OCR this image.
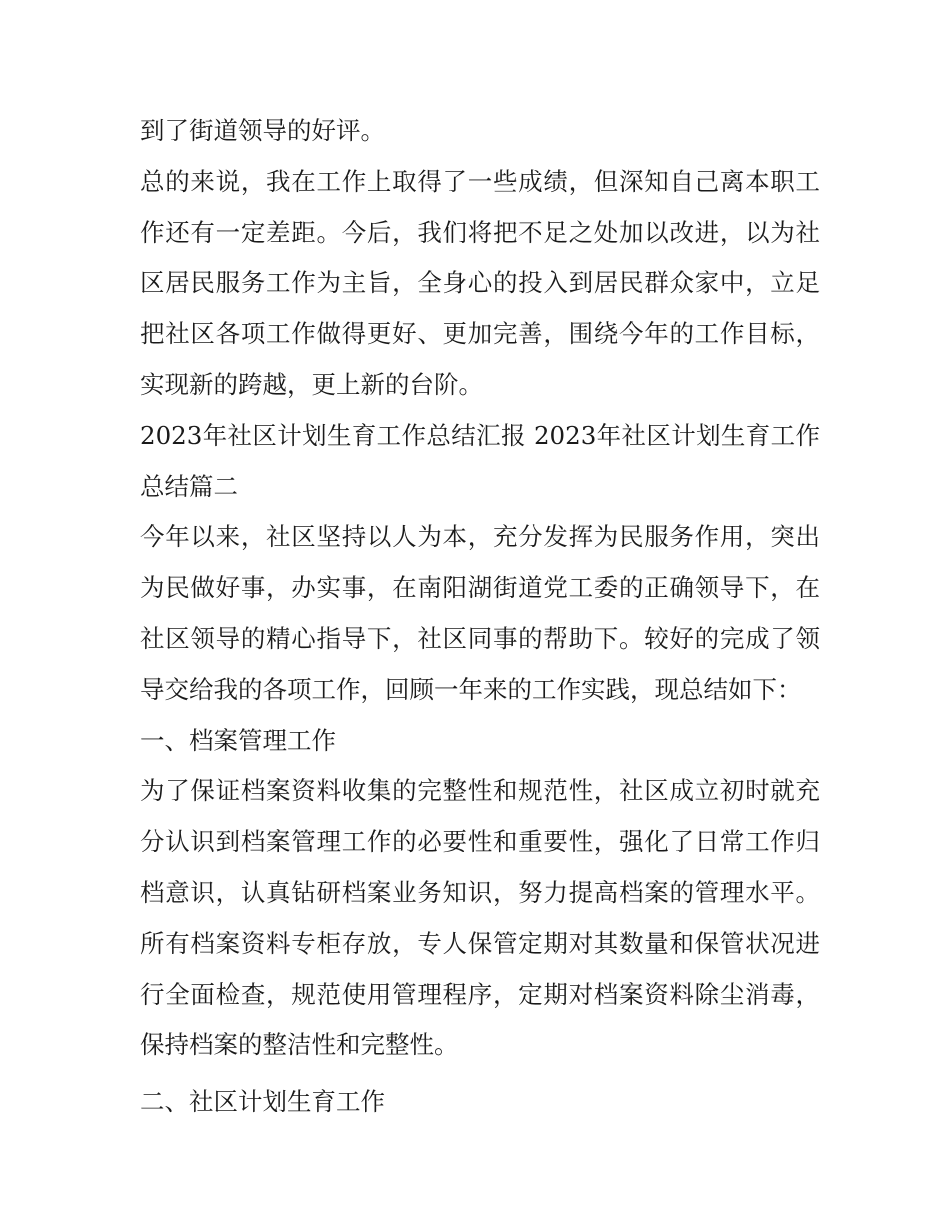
到了街道领导的好评。

总的来说，我在工作上取得了一些成绩，但深知自己离本职工作还有一定差距。今后，我们将把不足之处加以改进，以为社区居民服务工作为主旨，全身心的投入到居民群众家中，立足把社区各项工作做得更好、更加完善，围绕今年的工作目标，实现新的跨越，更上新的台阶。

2023年社区计划生育工作总结汇报 2023年社区计划生育工作总结篇二

今年以来，社区坚持以人为本，充分发挥为民服务作用，突出为民做好事，办实事，在南阳湖街道党工委的正确领导下，在社区领导的精心指导下，社区同事的帮助下。较好的完成了领导交给我的各项工作，回顾一年来的工作实践，现总结如下：

一、档案管理工作

为了保证档案资料收集的完整性和规范性，社区成立初时就充分认识到档案管理工作的必要性和重要性，强化了日常工作归档意识，认真钻研档案业务知识，努力提高档案的管理水平。所有档案资料专柜存放，专人保管定期对其数量和保管状况进行全面检查，规范使用管理程序，定期对档案资料除尘消毒，保持档案的整洁性和完整性。

二、社区计划生育工作
